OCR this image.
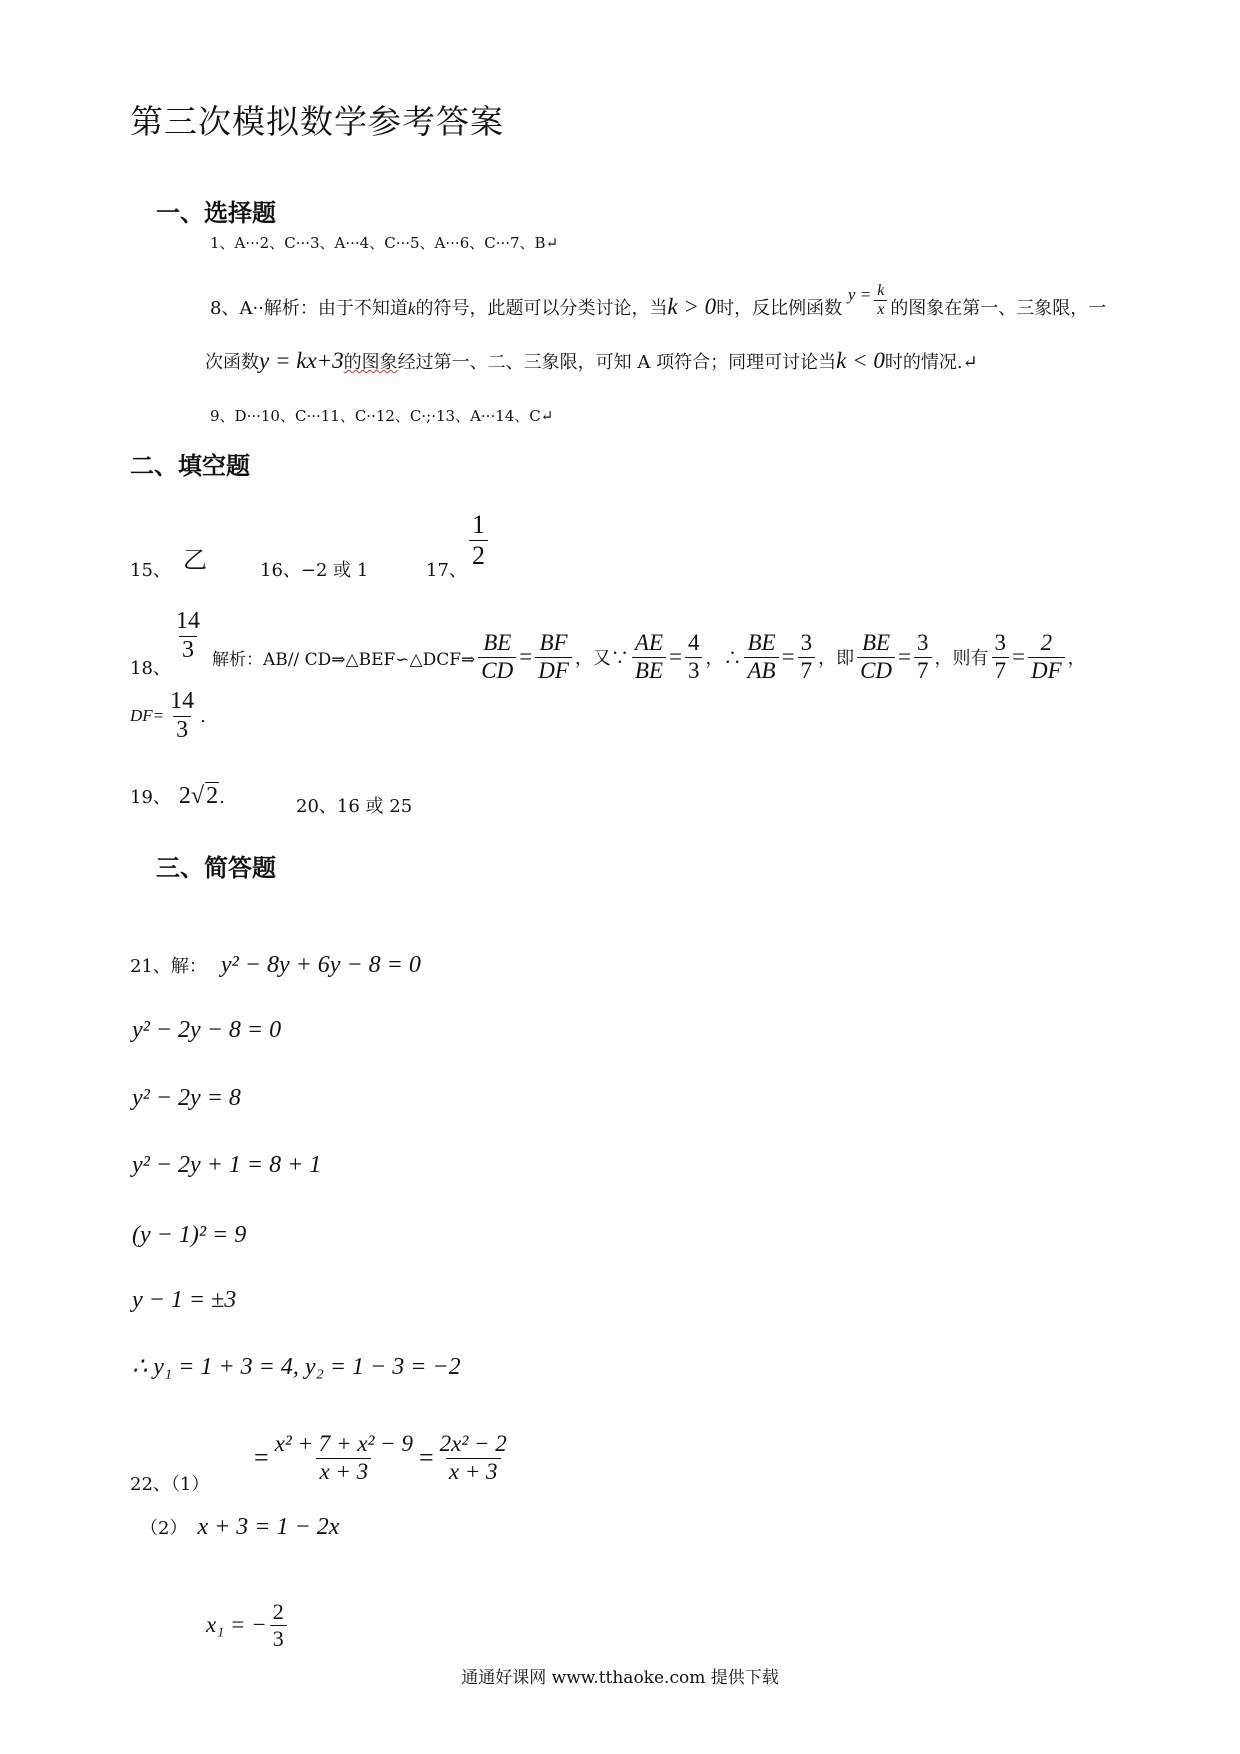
第三次模拟数学参考答案
一、选择题
1、A···2、C···3、A···4、C···5、A···6、C···7、B↵
8、A··解析：由于不知道k的符号，此题可以分类讨论，当k > 0时，反比例函数 $y = \frac{k}{x}$ 的图象在第一、三象限，一
次函数y = kx+3的图象经过第一、二、三象限，可知 A 项符合；同理可讨论当k < 0时的情况.↵
9、D···10、C···11、C··12、C·;·13、A···14、C↵
二、填空题
15、 乙	16、−2 或 1	17、 $\frac{1}{2}$
18、
$\frac{14}{3}$ 解析：AB// CD⇒△BEF∽△DCF⇒ $\frac{BE}{CD} = \frac{BF}{DF}$ ，又∵ $\frac{AE}{BE} = \frac{4}{3}$ ，∴ $\frac{BE}{AB} = \frac{3}{7}$ ，即 $\frac{BE}{CD} = \frac{3}{7}$ ，则有 $\frac{3}{7} = \frac{2}{DF}$ ，
$DF= \frac{14}{3}$ .
19、 2 √ 2 .	20、16 或 25
三、简答题
21、解： y² − 8y + 6y − 8 = 0
y² − 2y − 8 = 0
y² − 2y = 8
y² − 2y + 1 = 8 + 1
(y − 1)² = 9
y − 1 = ±3
∴ y₁ = 1 + 3 = 4, y₂ = 1 − 3 = −2
22、（1）
= $\frac{\text{x² + 7 + x² − 9}}{x + 3} = \frac{\text{2x² − 2}}{x + 3}$
（2） x + 3 = 1 − 2x
x₁ = − $\frac{2}{3}$
通通好课网 www.tthaoke.com 提供下载
